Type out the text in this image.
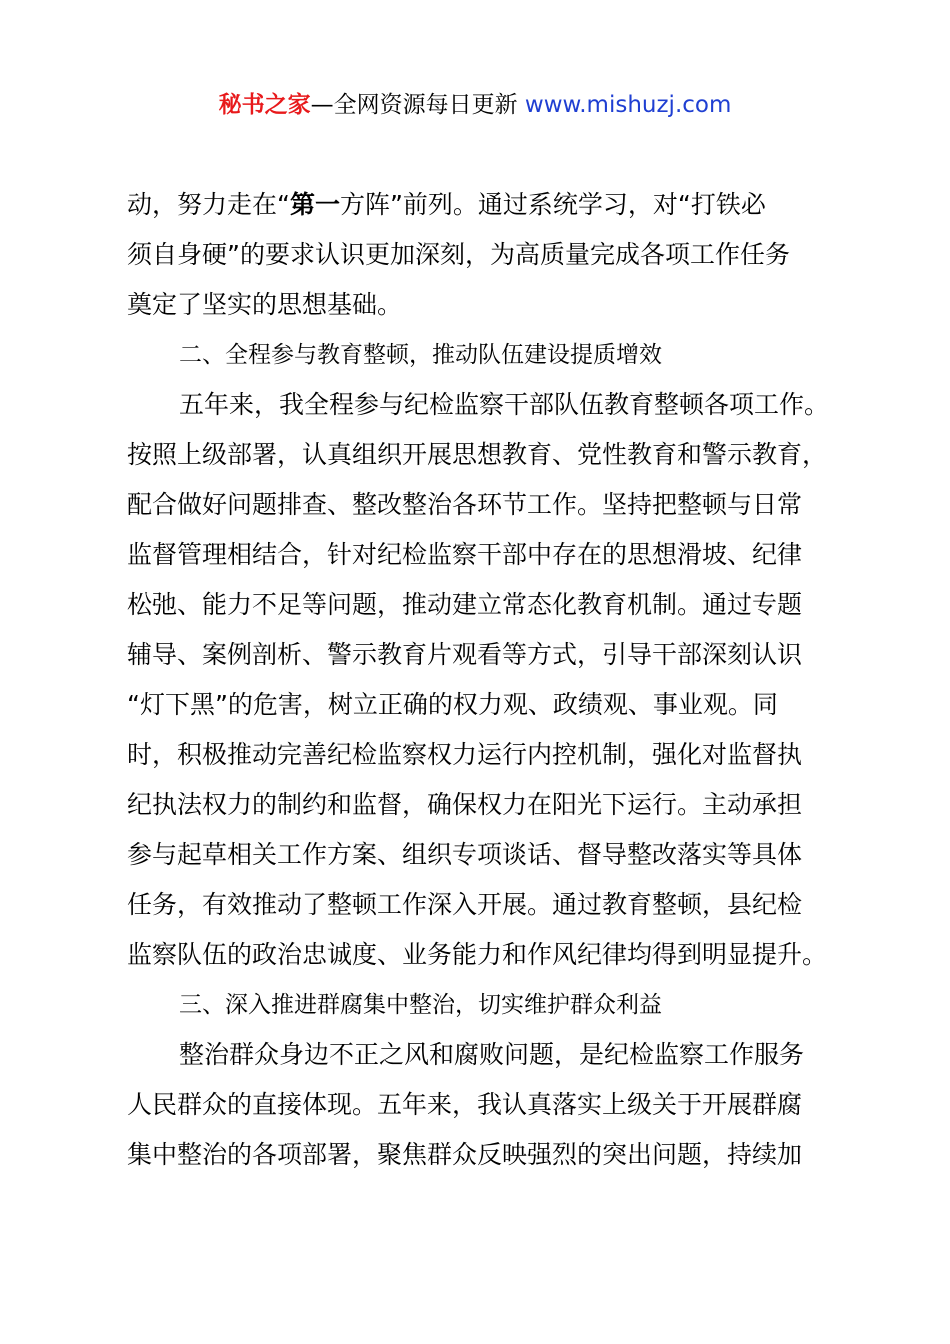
秘书之家—全网资源每日更新 www.mishuzj.com
动，努力走在“第一方阵”前列。通过系统学习，对“打铁必
须自身硬”的要求认识更加深刻，为高质量完成各项工作任务
奠定了坚实的思想基础。
二、全程参与教育整顿，推动队伍建设提质增效
五年来，我全程参与纪检监察干部队伍教育整顿各项工作。
按照上级部署，认真组织开展思想教育、党性教育和警示教育，
配合做好问题排查、整改整治各环节工作。坚持把整顿与日常
监督管理相结合，针对纪检监察干部中存在的思想滑坡、纪律
松弛、能力不足等问题，推动建立常态化教育机制。通过专题
辅导、案例剖析、警示教育片观看等方式，引导干部深刻认识
“灯下黑”的危害，树立正确的权力观、政绩观、事业观。同
时，积极推动完善纪检监察权力运行内控机制，强化对监督执
纪执法权力的制约和监督，确保权力在阳光下运行。主动承担
参与起草相关工作方案、组织专项谈话、督导整改落实等具体
任务，有效推动了整顿工作深入开展。通过教育整顿，县纪检
监察队伍的政治忠诚度、业务能力和作风纪律均得到明显提升。
三、深入推进群腐集中整治，切实维护群众利益
整治群众身边不正之风和腐败问题，是纪检监察工作服务
人民群众的直接体现。五年来，我认真落实上级关于开展群腐
集中整治的各项部署，聚焦群众反映强烈的突出问题，持续加
